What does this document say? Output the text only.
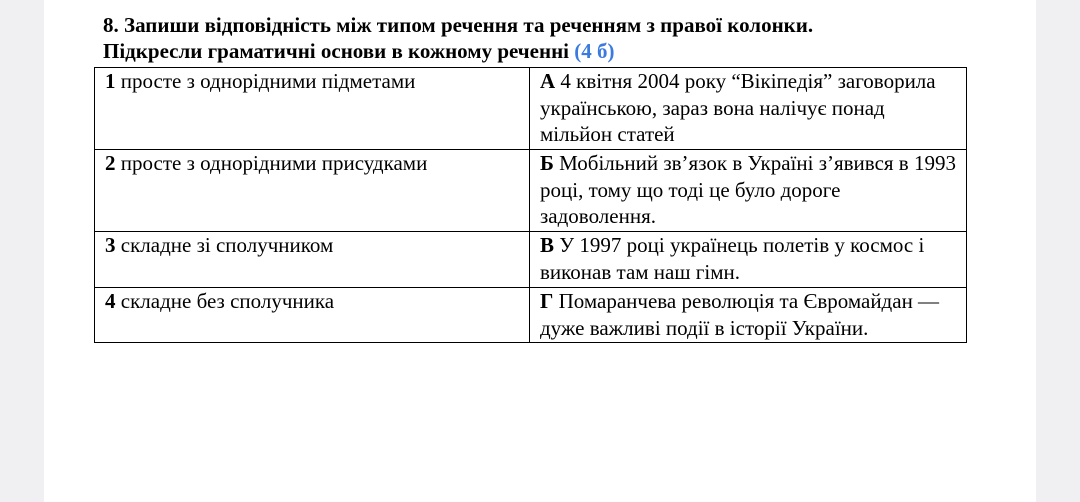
8. Запиши відповідність між типом речення та реченням з правої колонки.
Підкресли граматичні основи в кожному реченні (4 б)
1 просте з однорідними підметами	А 4 квітня 2004 року “Вікіпедія” заговорила українською, зараз вона налічує понад мільйон статей
2 просте з однорідними присудками	Б Мобільний зв’язок в Україні з’явився в 1993 році, тому що тоді це було дороге задоволення.
3 складне зі сполучником	В У 1997 році українець полетів у космос і виконав там наш гімн.
4 складне без сполучника	Г Помаранчева революція та Євромайдан — дуже важливі події в історії України.
